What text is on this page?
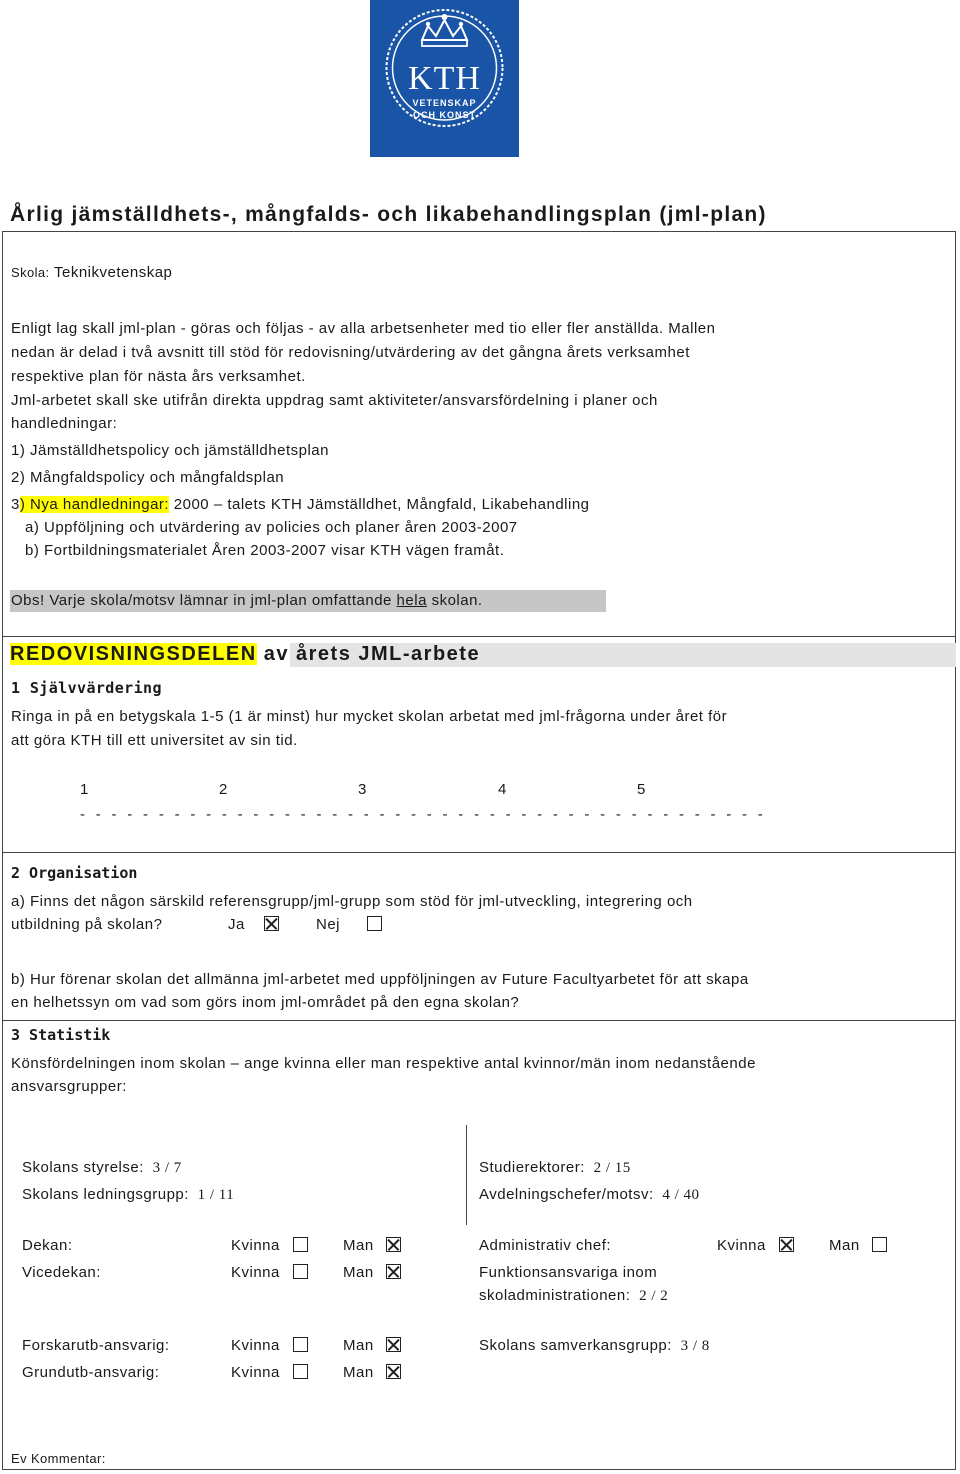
KTH
VETENSKAP
OCH KONST
Årlig jämställdhets-, mångfalds- och likabehandlingsplan (jml-plan)
Skola: Teknikvetenskap
Enligt lag skall jml-plan - göras och följas - av alla arbetsenheter med tio eller fler anställda. Mallen
nedan är delad i två avsnitt till stöd för redovisning/utvärdering av det gångna årets verksamhet
respektive plan för nästa års verksamhet.
Jml-arbetet skall ske utifrån direkta uppdrag samt aktiviteter/ansvarsfördelning i planer och
handledningar:
1) Jämställdhetspolicy och jämställdhetsplan
2) Mångfaldspolicy och mångfaldsplan
3) Nya handledningar: 2000 – talets KTH Jämställdhet, Mångfald, Likabehandling
a) Uppföljning och utvärdering av policies och planer åren 2003-2007
b) Fortbildningsmaterialet Åren 2003-2007 visar KTH vägen framåt.
Obs! Varje skola/motsv lämnar in jml-plan omfattande hela skolan.
REDOVISNINGSDELEN av årets JML-arbete
1 Självvärdering
Ringa in på en betygskala 1-5 (1 är minst) hur mycket skolan arbetat med jml-frågorna under året för
att göra KTH till ett universitet av sin tid.
1	2	3	4	5
- - - - - - - - - - - - - - - - - - - - - - - - - - - - - - - - - - - - - - - - - - - -
2 Organisation
a) Finns det någon särskild referensgrupp/jml-grupp som stöd för jml-utveckling, integrering och
utbildning på skolan?	Ja	Nej
b) Hur förenar skolan det allmänna jml-arbetet med uppföljningen av Future Facultyarbetet för att skapa
en helhetssyn om vad som görs inom jml-området på den egna skolan?
3 Statistik
Könsfördelningen inom skolan – ange kvinna eller man respektive antal kvinnor/män inom nedanstående
ansvarsgrupper:
Skolans styrelse: 3 / 7
Skolans ledningsgrupp: 1 / 11
Studierektorer: 2 / 15
Avdelningschefer/motsv: 4 / 40
Dekan:	Kvinna	Man
Vicedekan:	Kvinna	Man
Administrativ chef:	Kvinna	Man
Funktionsansvariga inom
skoladministrationen: 2 / 2
Forskarutb-ansvarig:	Kvinna	Man
Grundutb-ansvarig:	Kvinna	Man
Skolans samverkansgrupp: 3 / 8
Ev Kommentar:
